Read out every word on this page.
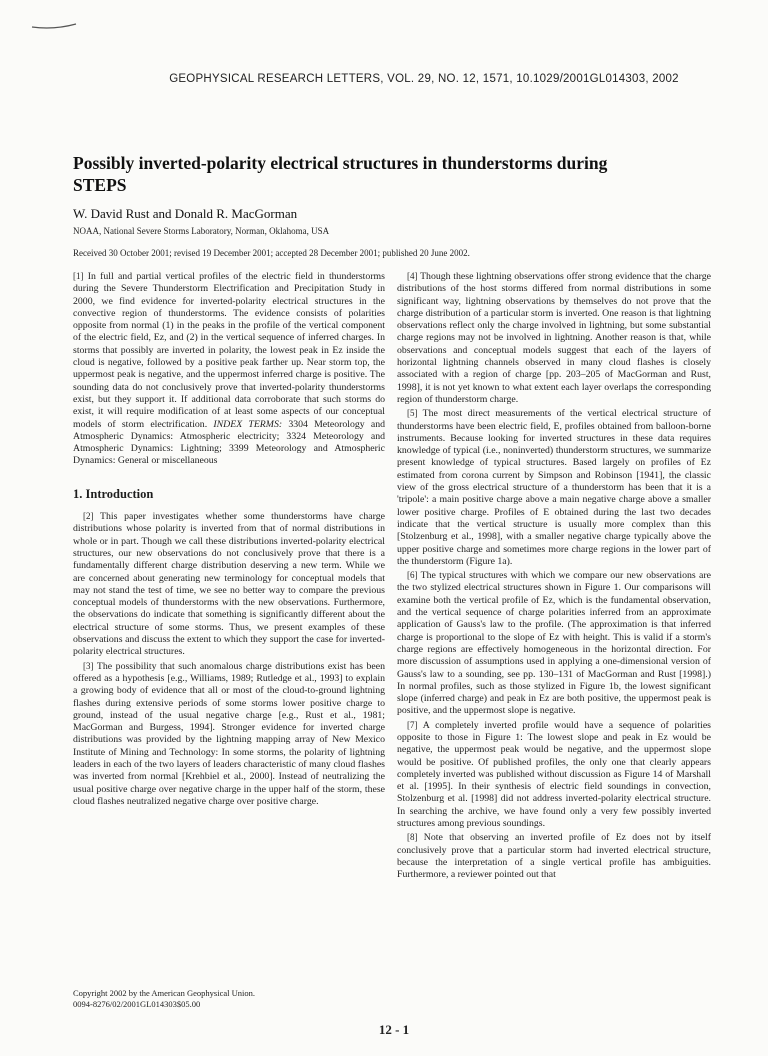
GEOPHYSICAL RESEARCH LETTERS, VOL. 29, NO. 12, 1571, 10.1029/2001GL014303, 2002
Possibly inverted-polarity electrical structures in thunderstorms during STEPS
W. David Rust and Donald R. MacGorman
NOAA, National Severe Storms Laboratory, Norman, Oklahoma, USA
Received 30 October 2001; revised 19 December 2001; accepted 28 December 2001; published 20 June 2002.

[1] In full and partial vertical profiles of the electric field in thunderstorms during the Severe Thunderstorm Electrification and Precipitation Study in 2000, we find evidence for inverted-polarity electrical structures in the convective region of thunderstorms. The evidence consists of polarities opposite from normal (1) in the peaks in the profile of the vertical component of the electric field, Ez, and (2) in the vertical sequence of inferred charges. In storms that possibly are inverted in polarity, the lowest peak in Ez inside the cloud is negative, followed by a positive peak farther up. Near storm top, the uppermost peak is negative, and the uppermost inferred charge is positive. The sounding data do not conclusively prove that inverted-polarity thunderstorms exist, but they support it. If additional data corroborate that such storms do exist, it will require modification of at least some aspects of our conceptual models of storm electrification. INDEX TERMS: 3304 Meteorology and Atmospheric Dynamics: Atmospheric electricity; 3324 Meteorology and Atmospheric Dynamics: Lightning; 3399 Meteorology and Atmospheric Dynamics: General or miscellaneous

1. Introduction

[2] This paper investigates whether some thunderstorms have charge distributions whose polarity is inverted from that of normal distributions in whole or in part. Though we call these distributions inverted-polarity electrical structures, our new observations do not conclusively prove that there is a fundamentally different charge distribution deserving a new term. While we are concerned about generating new terminology for conceptual models that may not stand the test of time, we see no better way to compare the previous conceptual models of thunderstorms with the new observations. Furthermore, the observations do indicate that something is significantly different about the electrical structure of some storms. Thus, we present examples of these observations and discuss the extent to which they support the case for inverted-polarity electrical structures.

[3] The possibility that such anomalous charge distributions exist has been offered as a hypothesis [e.g., Williams, 1989; Rutledge et al., 1993] to explain a growing body of evidence that all or most of the cloud-to-ground lightning flashes during extensive periods of some storms lower positive charge to ground, instead of the usual negative charge [e.g., Rust et al., 1981; MacGorman and Burgess, 1994]. Stronger evidence for inverted charge distributions was provided by the lightning mapping array of New Mexico Institute of Mining and Technology: In some storms, the polarity of lightning leaders in each of the two layers of leaders characteristic of many cloud flashes was inverted from normal [Krehbiel et al., 2000]. Instead of neutralizing the usual positive charge over negative charge in the upper half of the storm, these cloud flashes neutralized negative charge over positive charge.

[4] Though these lightning observations offer strong evidence that the charge distributions of the host storms differed from normal distributions in some significant way, lightning observations by themselves do not prove that the charge distribution of a particular storm is inverted. One reason is that lightning observations reflect only the charge involved in lightning, but some substantial charge regions may not be involved in lightning. Another reason is that, while observations and conceptual models suggest that each of the layers of horizontal lightning channels observed in many cloud flashes is closely associated with a region of charge [pp. 203–205 of MacGorman and Rust, 1998], it is not yet known to what extent each layer overlaps the corresponding region of thunderstorm charge.

[5] The most direct measurements of the vertical electrical structure of thunderstorms have been electric field, E, profiles obtained from balloon-borne instruments. Because looking for inverted structures in these data requires knowledge of typical (i.e., noninverted) thunderstorm structures, we summarize present knowledge of typical structures. Based largely on profiles of Ez estimated from corona current by Simpson and Robinson [1941], the classic view of the gross electrical structure of a thunderstorm has been that it is a 'tripole': a main positive charge above a main negative charge above a smaller lower positive charge. Profiles of E obtained during the last two decades indicate that the vertical structure is usually more complex than this [Stolzenburg et al., 1998], with a smaller negative charge typically above the upper positive charge and sometimes more charge regions in the lower part of the thunderstorm (Figure 1a).

[6] The typical structures with which we compare our new observations are the two stylized electrical structures shown in Figure 1. Our comparisons will examine both the vertical profile of Ez, which is the fundamental observation, and the vertical sequence of charge polarities inferred from an approximate application of Gauss's law to the profile. (The approximation is that inferred charge is proportional to the slope of Ez with height. This is valid if a storm's charge regions are effectively homogeneous in the horizontal direction. For more discussion of assumptions used in applying a one-dimensional version of Gauss's law to a sounding, see pp. 130–131 of MacGorman and Rust [1998].) In normal profiles, such as those stylized in Figure 1b, the lowest significant slope (inferred charge) and peak in Ez are both positive, the uppermost peak is positive, and the uppermost slope is negative.

[7] A completely inverted profile would have a sequence of polarities opposite to those in Figure 1: The lowest slope and peak in Ez would be negative, the uppermost peak would be negative, and the uppermost slope would be positive. Of published profiles, the only one that clearly appears completely inverted was published without discussion as Figure 14 of Marshall et al. [1995]. In their synthesis of electric field soundings in convection, Stolzenburg et al. [1998] did not address inverted-polarity electrical structure. In searching the archive, we have found only a very few possibly inverted structures among previous soundings.

[8] Note that observing an inverted profile of Ez does not by itself conclusively prove that a particular storm had inverted electrical structure, because the interpretation of a single vertical profile has ambiguities. Furthermore, a reviewer pointed out that

Copyright 2002 by the American Geophysical Union.
0094-8276/02/2001GL014303$05.00
12 - 1
